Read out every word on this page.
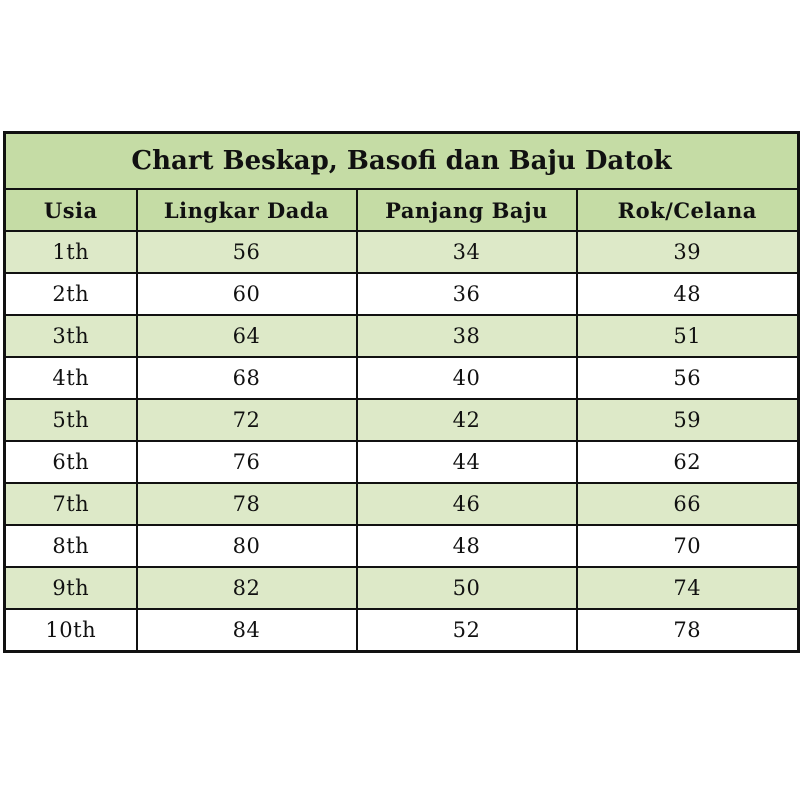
Chart Beskap, Basofi dan Baju Datok			
Usia	Lingkar Dada	Panjang Baju	Rok/Celana
1th	56	34	39
2th	60	36	48
3th	64	38	51
4th	68	40	56
5th	72	42	59
6th	76	44	62
7th	78	46	66
8th	80	48	70
9th	82	50	74
10th	84	52	78
